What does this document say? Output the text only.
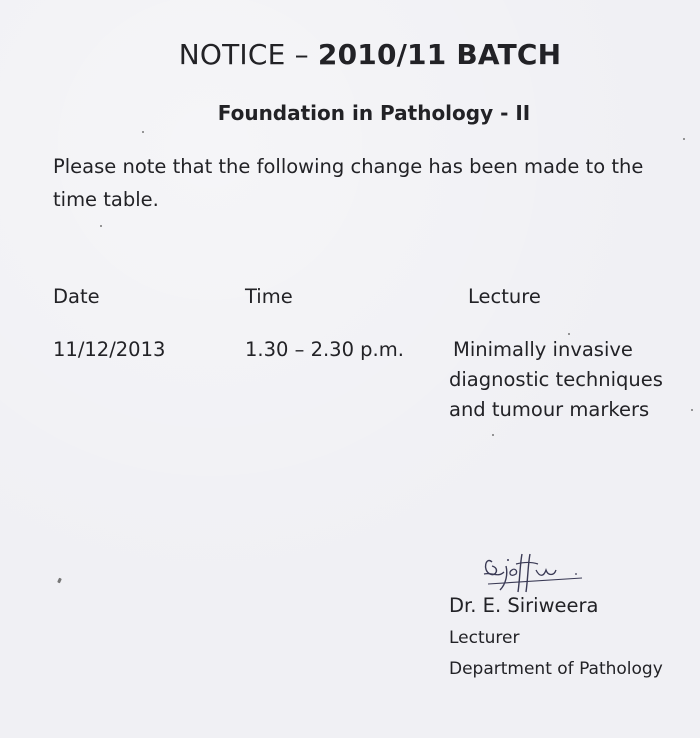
NOTICE – 2010/11 BATCH
Foundation in Pathology - II
Please note that the following change has been made to the
time table.
Date	Time	Lecture
11/12/2013	1.30 – 2.30 p.m.	Minimally invasive
diagnostic techniques
and tumour markers
Dr. E. Siriweera
Lecturer
Department of Pathology
